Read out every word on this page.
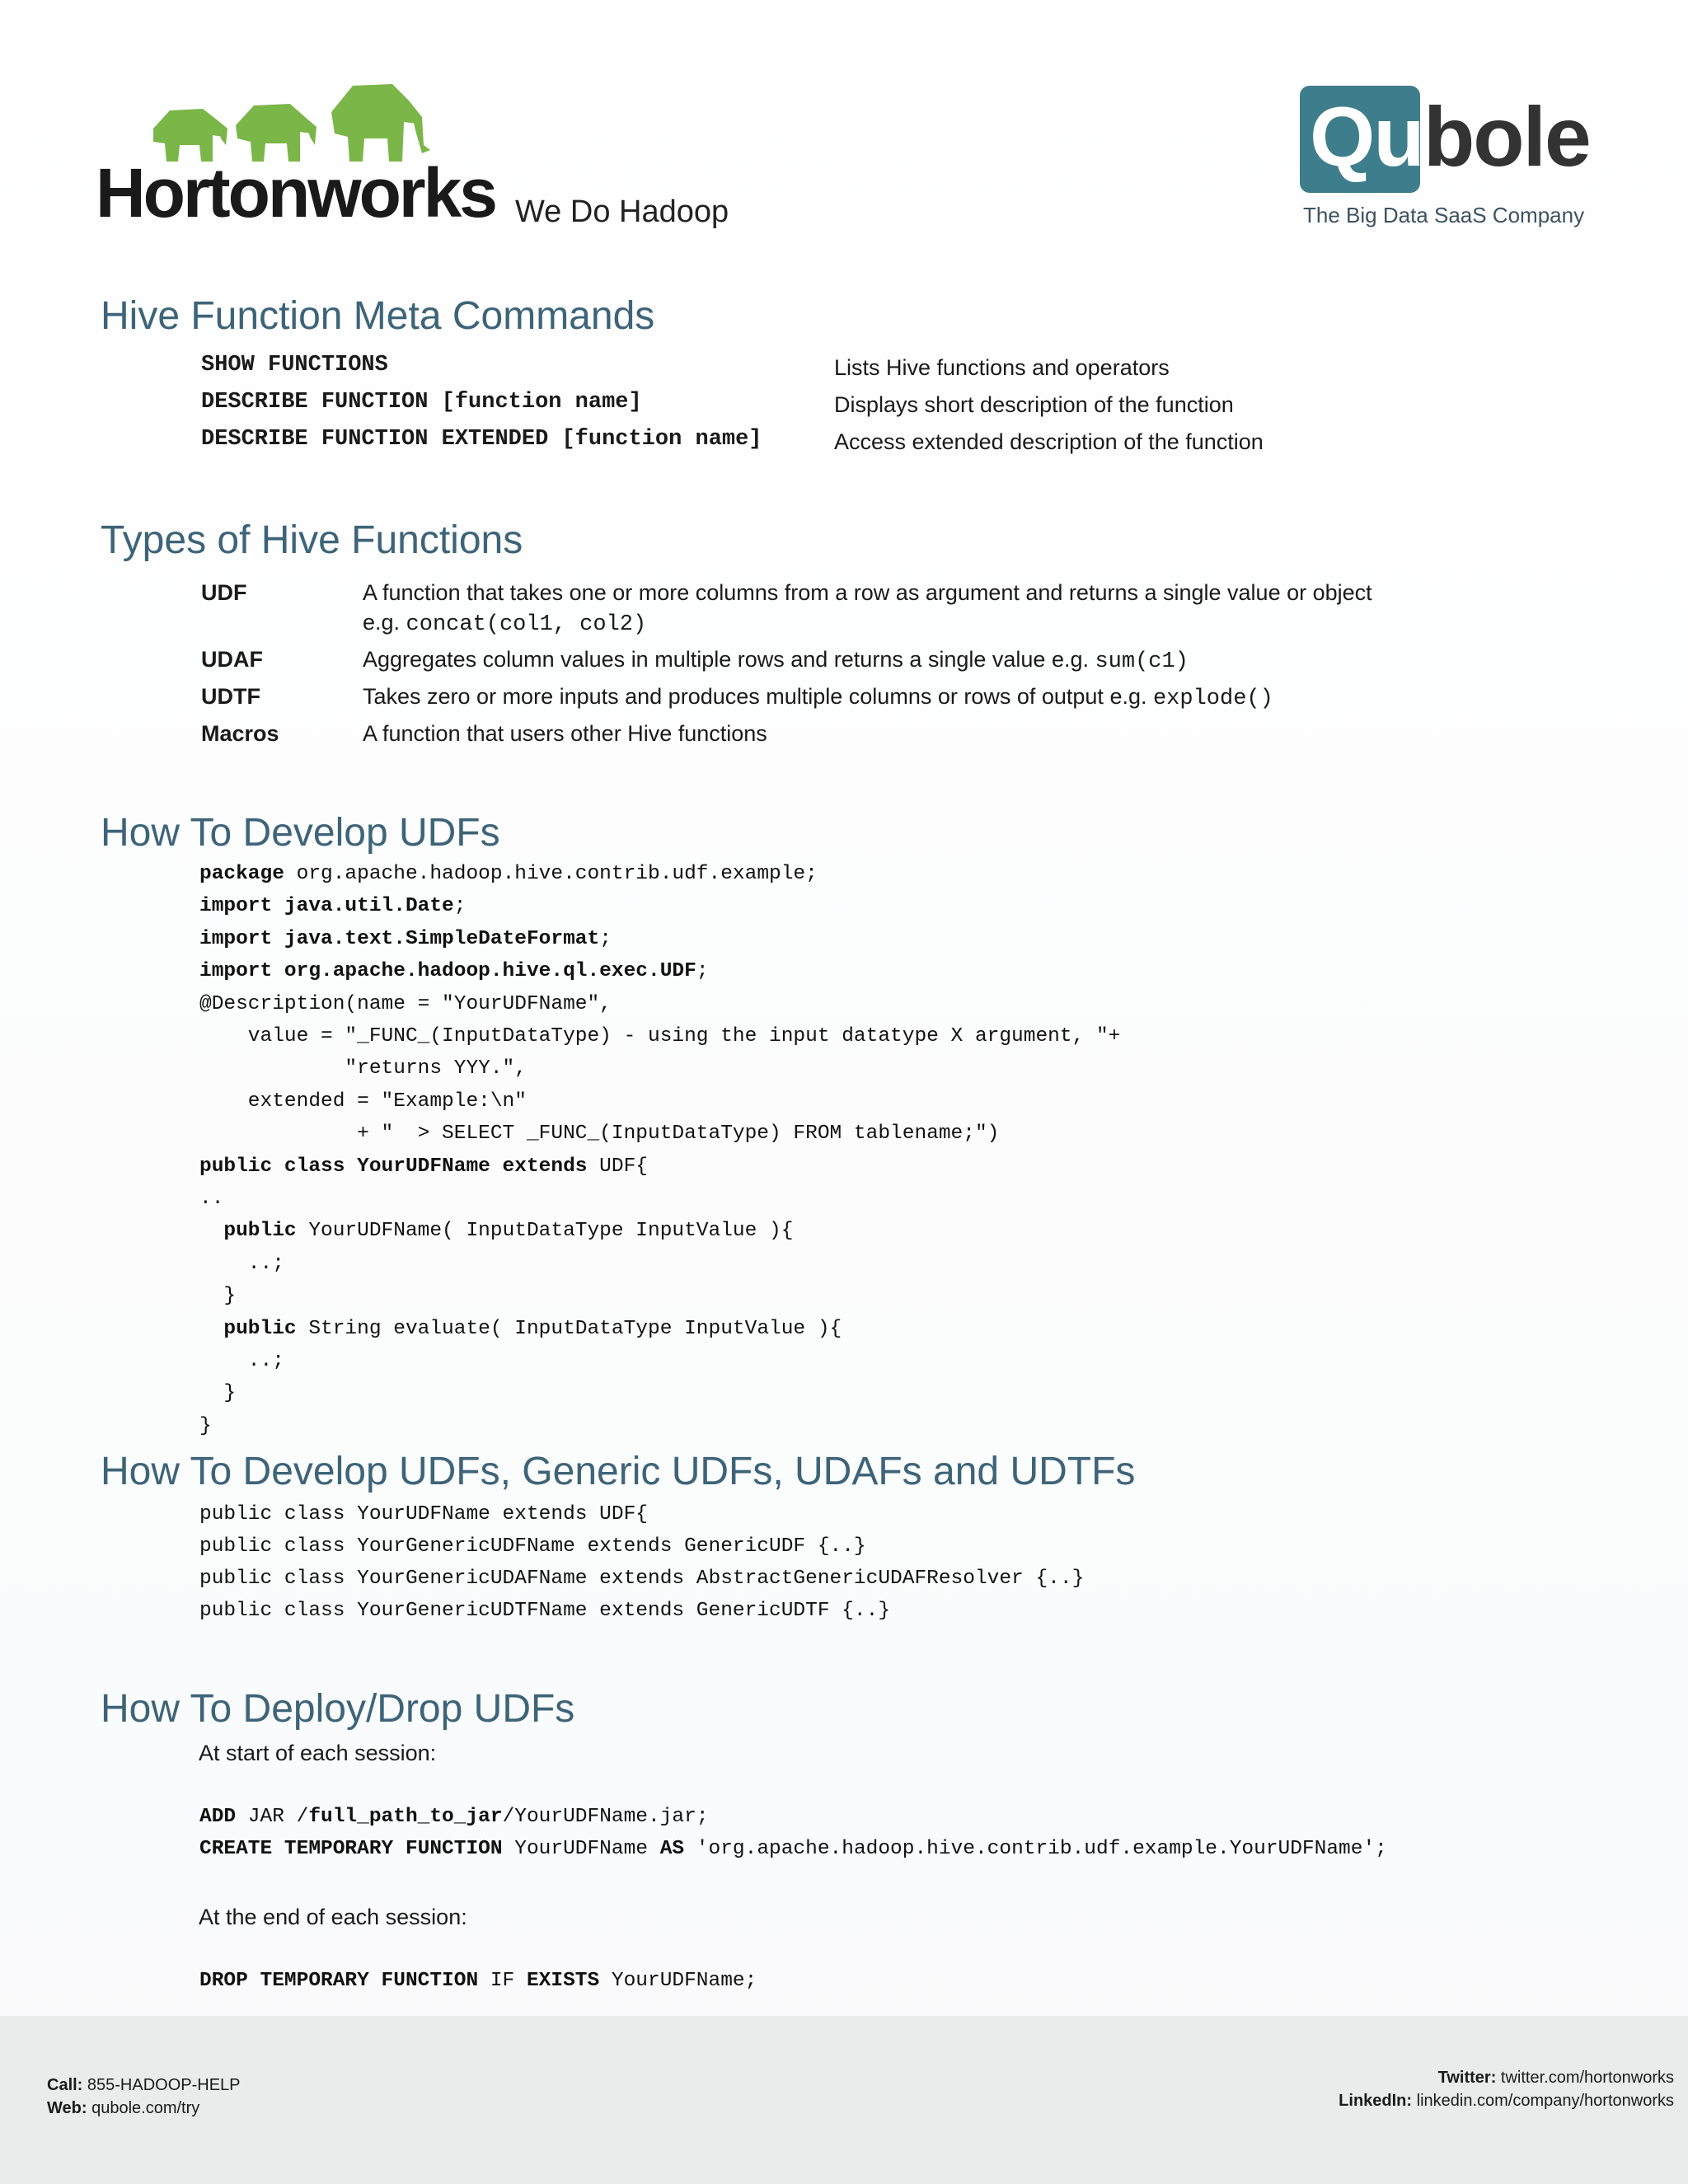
Hortonworks We Do Hadoop
Qu bole
The Big Data SaaS Company
Hive Function Meta Commands
SHOW FUNCTIONS	Lists Hive functions and operators
DESCRIBE FUNCTION [function name]	Displays short description of the function
DESCRIBE FUNCTION EXTENDED [function name]	Access extended description of the function
Types of Hive Functions
UDF	A function that takes one or more columns from a row as argument and returns a single value or object
e.g. concat(col1, col2)
UDAF	Aggregates column values in multiple rows and returns a single value e.g. sum(c1)
UDTF	Takes zero or more inputs and produces multiple columns or rows of output e.g. explode()
Macros	A function that users other Hive functions
How To Develop UDFs
package org.apache.hadoop.hive.contrib.udf.example;
import java.util.Date;
import java.text.SimpleDateFormat;
import org.apache.hadoop.hive.ql.exec.UDF;
@Description(name = "YourUDFName",
value = "_FUNC_(InputDataType) - using the input datatype X argument, "+
"returns YYY.",
extended = "Example:\n"
+ "  > SELECT _FUNC_(InputDataType) FROM tablename;")
public class YourUDFName extends UDF{
..
public YourUDFName( InputDataType InputValue ){
..;
}
public String evaluate( InputDataType InputValue ){
..;
}
}
How To Develop UDFs, Generic UDFs, UDAFs and UDTFs
public class YourUDFName extends UDF{
public class YourGenericUDFName extends GenericUDF {..}
public class YourGenericUDAFName extends AbstractGenericUDAFResolver {..}
public class YourGenericUDTFName extends GenericUDTF {..}
How To Deploy/Drop UDFs
At start of each session:
ADD JAR /full_path_to_jar/YourUDFName.jar;
CREATE TEMPORARY FUNCTION YourUDFName AS 'org.apache.hadoop.hive.contrib.udf.example.YourUDFName';
At the end of each session:
DROP TEMPORARY FUNCTION IF EXISTS YourUDFName;
Call: 855-HADOOP-HELP
Web: qubole.com/try
Twitter: twitter.com/hortonworks
LinkedIn: linkedin.com/company/hortonworks
